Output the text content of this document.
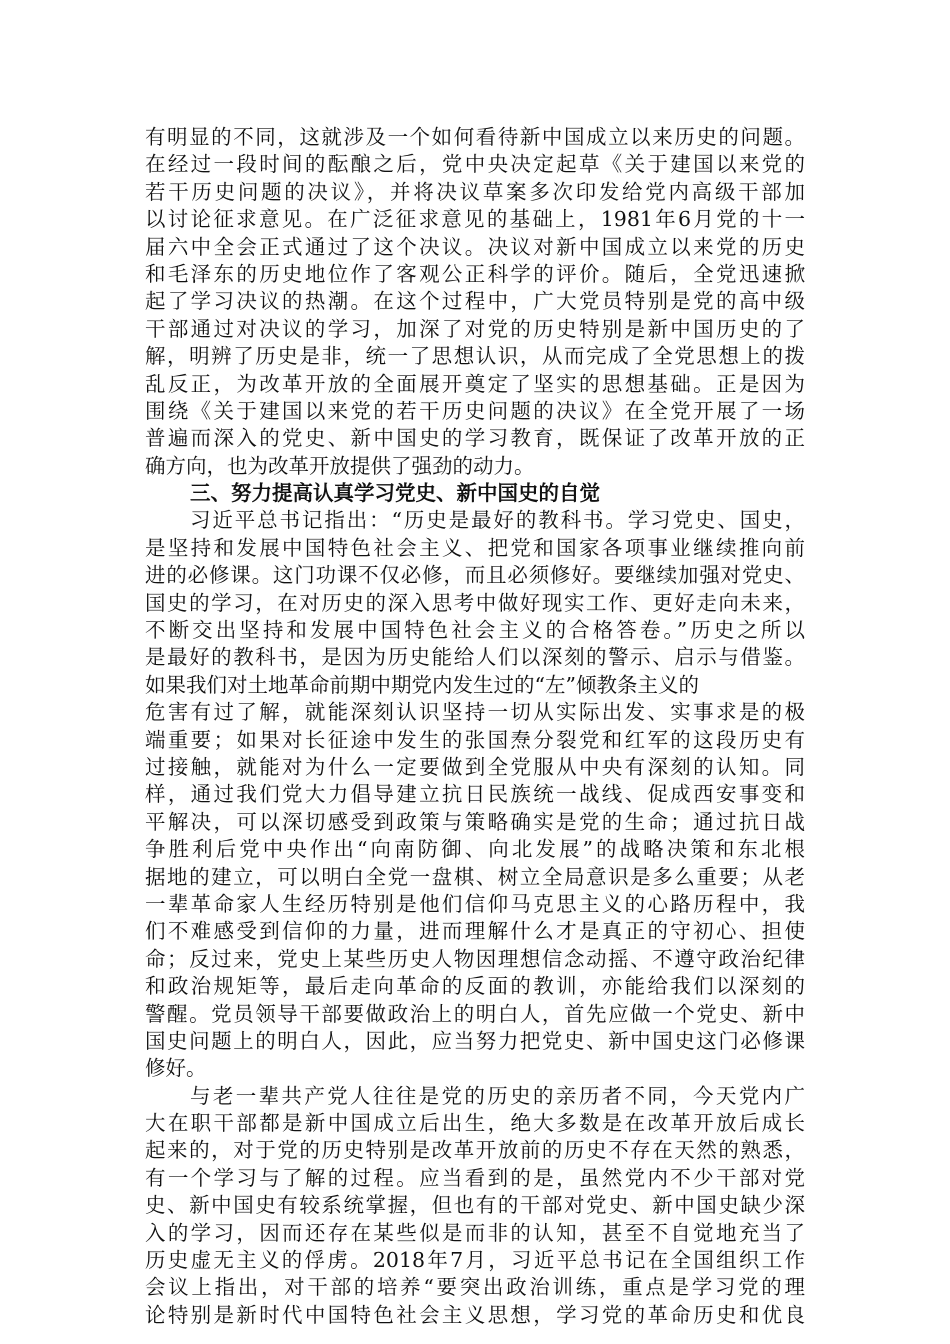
有明显的不同，这就涉及一个如何看待新中国成立以来历史的问题。
在经过一段时间的酝酿之后，党中央决定起草《关于建国以来党的
若干历史问题的决议》，并将决议草案多次印发给党内高级干部加
以讨论征求意见。在广泛征求意见的基础上，1981年6月党的十一
届六中全会正式通过了这个决议。决议对新中国成立以来党的历史
和毛泽东的历史地位作了客观公正科学的评价。随后，全党迅速掀
起了学习决议的热潮。在这个过程中，广大党员特别是党的高中级
干部通过对决议的学习，加深了对党的历史特别是新中国历史的了
解，明辨了历史是非，统一了思想认识，从而完成了全党思想上的拨
乱反正，为改革开放的全面展开奠定了坚实的思想基础。正是因为
围绕《关于建国以来党的若干历史问题的决议》在全党开展了一场
普遍而深入的党史、新中国史的学习教育，既保证了改革开放的正
确方向，也为改革开放提供了强劲的动力。
三、努力提高认真学习党史、新中国史的自觉
习近平总书记指出：“历史是最好的教科书。学习党史、国史，
是坚持和发展中国特色社会主义、把党和国家各项事业继续推向前
进的必修课。这门功课不仅必修，而且必须修好。要继续加强对党史、
国史的学习，在对历史的深入思考中做好现实工作、更好走向未来，
不断交出坚持和发展中国特色社会主义的合格答卷。”历史之所以
是最好的教科书，是因为历史能给人们以深刻的警示、启示与借鉴。
如果我们对土地革命前期中期党内发生过的“左”倾教条主义的
危害有过了解，就能深刻认识坚持一切从实际出发、实事求是的极
端重要；如果对长征途中发生的张国焘分裂党和红军的这段历史有
过接触，就能对为什么一定要做到全党服从中央有深刻的认知。同
样，通过我们党大力倡导建立抗日民族统一战线、促成西安事变和
平解决，可以深切感受到政策与策略确实是党的生命；通过抗日战
争胜利后党中央作出“向南防御、向北发展”的战略决策和东北根
据地的建立，可以明白全党一盘棋、树立全局意识是多么重要；从老
一辈革命家人生经历特别是他们信仰马克思主义的心路历程中，我
们不难感受到信仰的力量，进而理解什么才是真正的守初心、担使
命；反过来，党史上某些历史人物因理想信念动摇、不遵守政治纪律
和政治规矩等，最后走向革命的反面的教训，亦能给我们以深刻的
警醒。党员领导干部要做政治上的明白人，首先应做一个党史、新中
国史问题上的明白人，因此，应当努力把党史、新中国史这门必修课
修好。
与老一辈共产党人往往是党的历史的亲历者不同，今天党内广
大在职干部都是新中国成立后出生，绝大多数是在改革开放后成长
起来的，对于党的历史特别是改革开放前的历史不存在天然的熟悉，
有一个学习与了解的过程。应当看到的是，虽然党内不少干部对党
史、新中国史有较系统掌握，但也有的干部对党史、新中国史缺少深
入的学习，因而还存在某些似是而非的认知，甚至不自觉地充当了
历史虚无主义的俘虏。2018年7月，习近平总书记在全国组织工作
会议上指出，对干部的培养“要突出政治训练，重点是学习党的理
论特别是新时代中国特色社会主义思想，学习党的革命历史和优良
